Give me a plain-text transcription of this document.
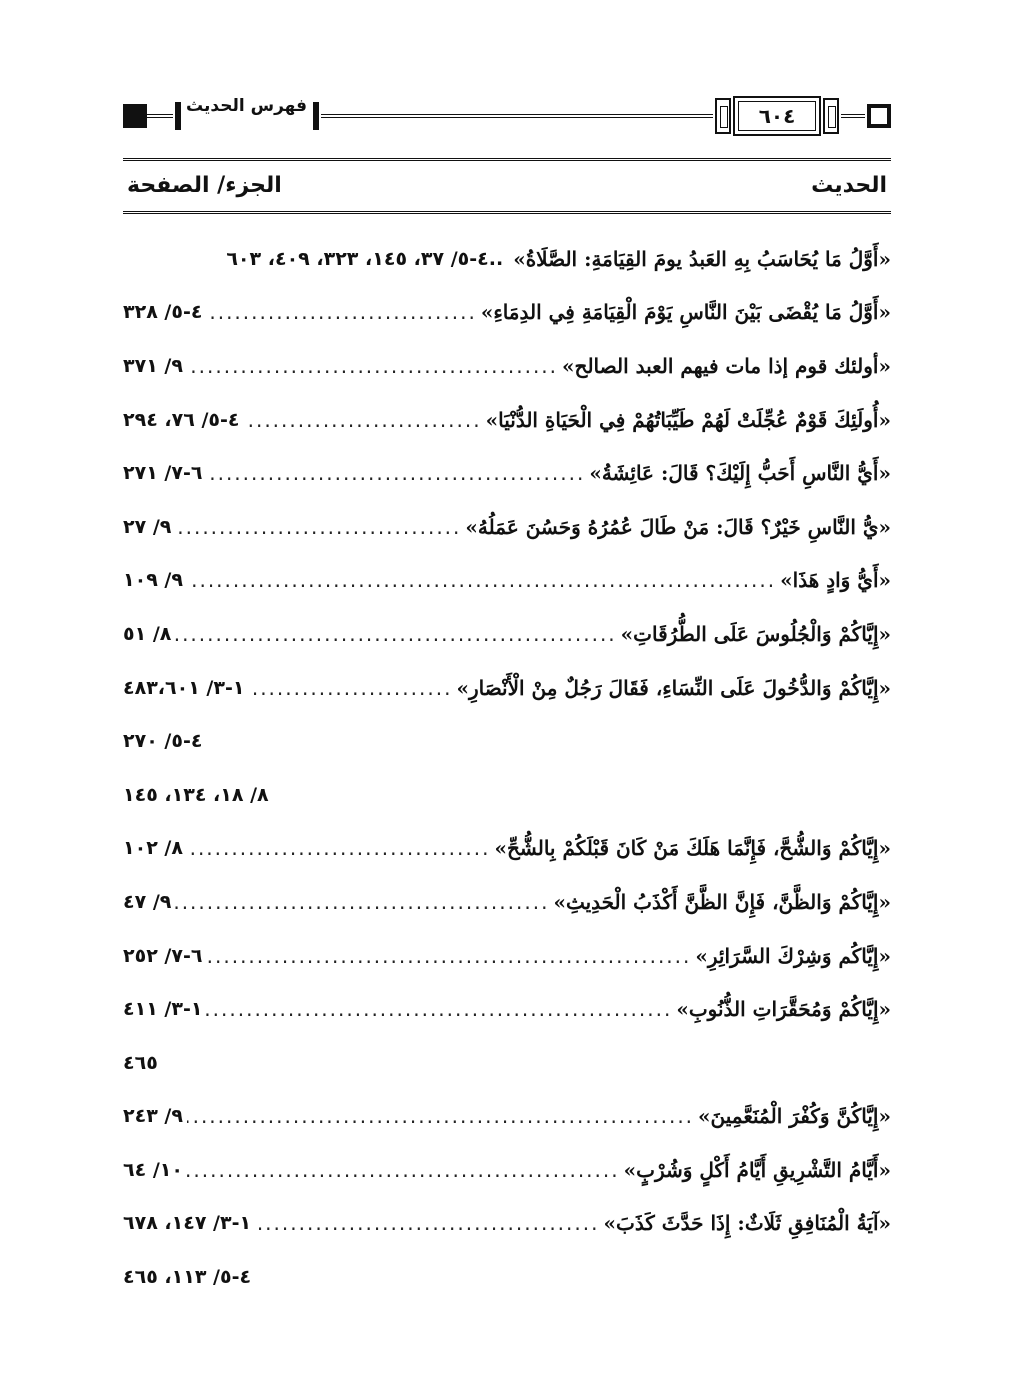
فهرس الحديث	٦٠٤
الحديث
الجزء/ الصفحة
«أَوَّلُ مَا يُحَاسَبُ بِهِ العَبدُ يومَ القِيَامَةِ: الصَّلَاةُ»
..٤-٥/ ٣٧، ١٤٥، ٣٢٣، ٤٠٩، ٦٠٣
«أَوَّلُ مَا يُقْضَى بَيْنَ النَّاسِ يَوْمَ الْقِيَامَةِ فِي الدِمَاءِ»
.....
٤-٥/ ٣٢٨
«أولئك قوم إذا مات فيهم العبد الصالح»
.....
٩/ ٣٧١
«أُولَئِكَ قَوْمٌ عُجِّلَتْ لَهُمْ طَيِّبَاتُهُمْ فِي الْحَيَاةِ الدُّنْيَا»
.....
٤-٥/ ٧٦، ٢٩٤
«أَيُّ النَّاسِ أَحَبُّ إِلَيْكَ؟ قَالَ: عَائِشَةُ»
.....
٦-٧/ ٢٧١
«يُّ النَّاسِ خَيْرٌ؟ قَالَ: مَنْ طَالَ عُمُرُهُ وَحَسُنَ عَمَلُهُ»
.....
٩/ ٢٧
«أَيُّ وَادٍ هَذَا»
.....
٩/ ١٠٩
«إِيَّاكُمْ وَالْجُلُوسَ عَلَى الطُّرُقَاتِ»
.....
٨/ ٥١
«إِيَّاكُمْ وَالدُّخُولَ عَلَى النِّسَاءِ، فَقَالَ رَجُلٌ مِنْ الْأَنْصَارِ»
.....
١-٣/ ٤٨٣،٦٠١
٤-٥/ ٢٧٠
٨/ ١٨، ١٣٤، ١٤٥
«إِيَّاكُمْ وَالشُّحَّ، فَإِنَّمَا هَلَكَ مَنْ كَانَ قَبْلَكُمْ بِالشُّحِّ»
.....
٨/ ١٠٢
«إِيَّاكُمْ وَالظَّنَّ، فَإِنَّ الظَّنَّ أَكْذَبُ الْحَدِيثِ»
.....
٩/ ٤٧
«إِيَّاكُم وَشِرْكَ السَّرَائِرِ»
.....
٦-٧/ ٢٥٢
«إِيَّاكُمْ وَمُحَقَّرَاتِ الذُّنُوبِ»
.....
١-٣/ ٤١١
٤٦٥
«إِيَّاكُنَّ وَكُفْرَ الْمُنَعَّمِينَ»
.....
٩/ ٢٤٣
«أَيَّامُ التَّشْرِيقِ أَيَّامُ أَكْلٍ وَشُرْبٍ»
.....
١٠/ ٦٤
«آيَةُ الْمُنَافِقِ ثَلَاثٌ: إِذَا حَدَّثَ كَذَبَ»
.....
١-٣/ ١٤٧، ٦٧٨
٤-٥/ ١١٣، ٤٦٥
